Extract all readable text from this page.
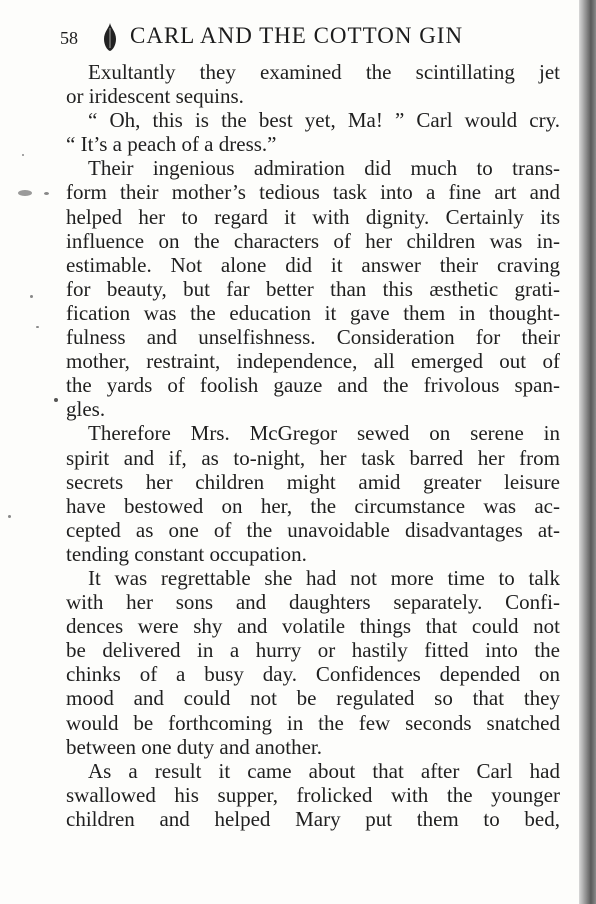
58 CARL AND THE COTTON GIN
Exultantly they examined the scintillating jet
or iridescent sequins.
“ Oh, this is the best yet, Ma! ” Carl would cry.
“ It’s a peach of a dress.”
Their ingenious admiration did much to trans-
form their mother’s tedious task into a fine art and
helped her to regard it with dignity. Certainly its
influence on the characters of her children was in-
estimable. Not alone did it answer their craving
for beauty, but far better than this æsthetic grati-
fication was the education it gave them in thought-
fulness and unselfishness. Consideration for their
mother, restraint, independence, all emerged out of
the yards of foolish gauze and the frivolous span-
gles.
Therefore Mrs. McGregor sewed on serene in
spirit and if, as to-night, her task barred her from
secrets her children might amid greater leisure
have bestowed on her, the circumstance was ac-
cepted as one of the unavoidable disadvantages at-
tending constant occupation.
It was regrettable she had not more time to talk
with her sons and daughters separately. Confi-
dences were shy and volatile things that could not
be delivered in a hurry or hastily fitted into the
chinks of a busy day. Confidences depended on
mood and could not be regulated so that they
would be forthcoming in the few seconds snatched
between one duty and another.
As a result it came about that after Carl had
swallowed his supper, frolicked with the younger
children and helped Mary put them to bed,
